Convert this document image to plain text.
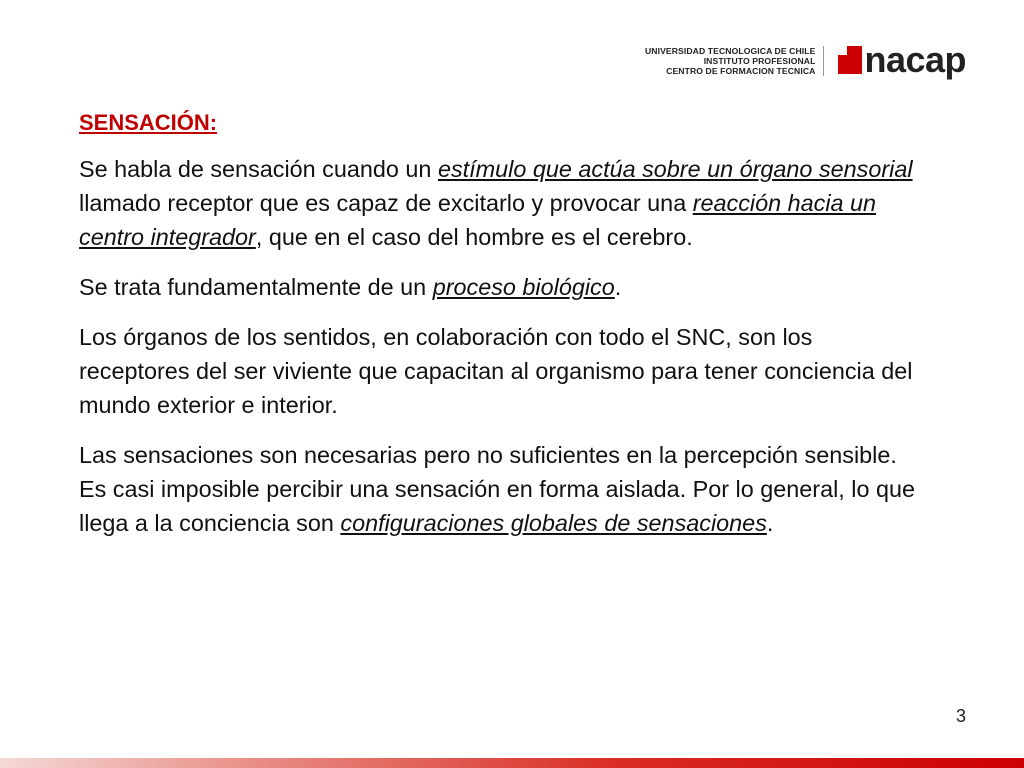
UNIVERSIDAD TECNOLOGICA DE CHILE
INSTITUTO PROFESIONAL
CENTRO DE FORMACION TECNICA nacap
SENSACIÓN:

Se habla de sensación cuando un estímulo que actúa sobre un órgano sensorial llamado receptor que es capaz de excitarlo y provocar una reacción hacia un centro integrador, que en el caso del hombre es el cerebro.

Se trata fundamentalmente de un proceso biológico.

Los órganos de los sentidos, en colaboración con todo el SNC, son los receptores del ser viviente que capacitan al organismo para tener conciencia del mundo exterior e interior.

Las sensaciones son necesarias pero no suficientes en la percepción sensible. Es casi imposible percibir una sensación en forma aislada. Por lo general, lo que llega a la conciencia son configuraciones globales de sensaciones.

3
